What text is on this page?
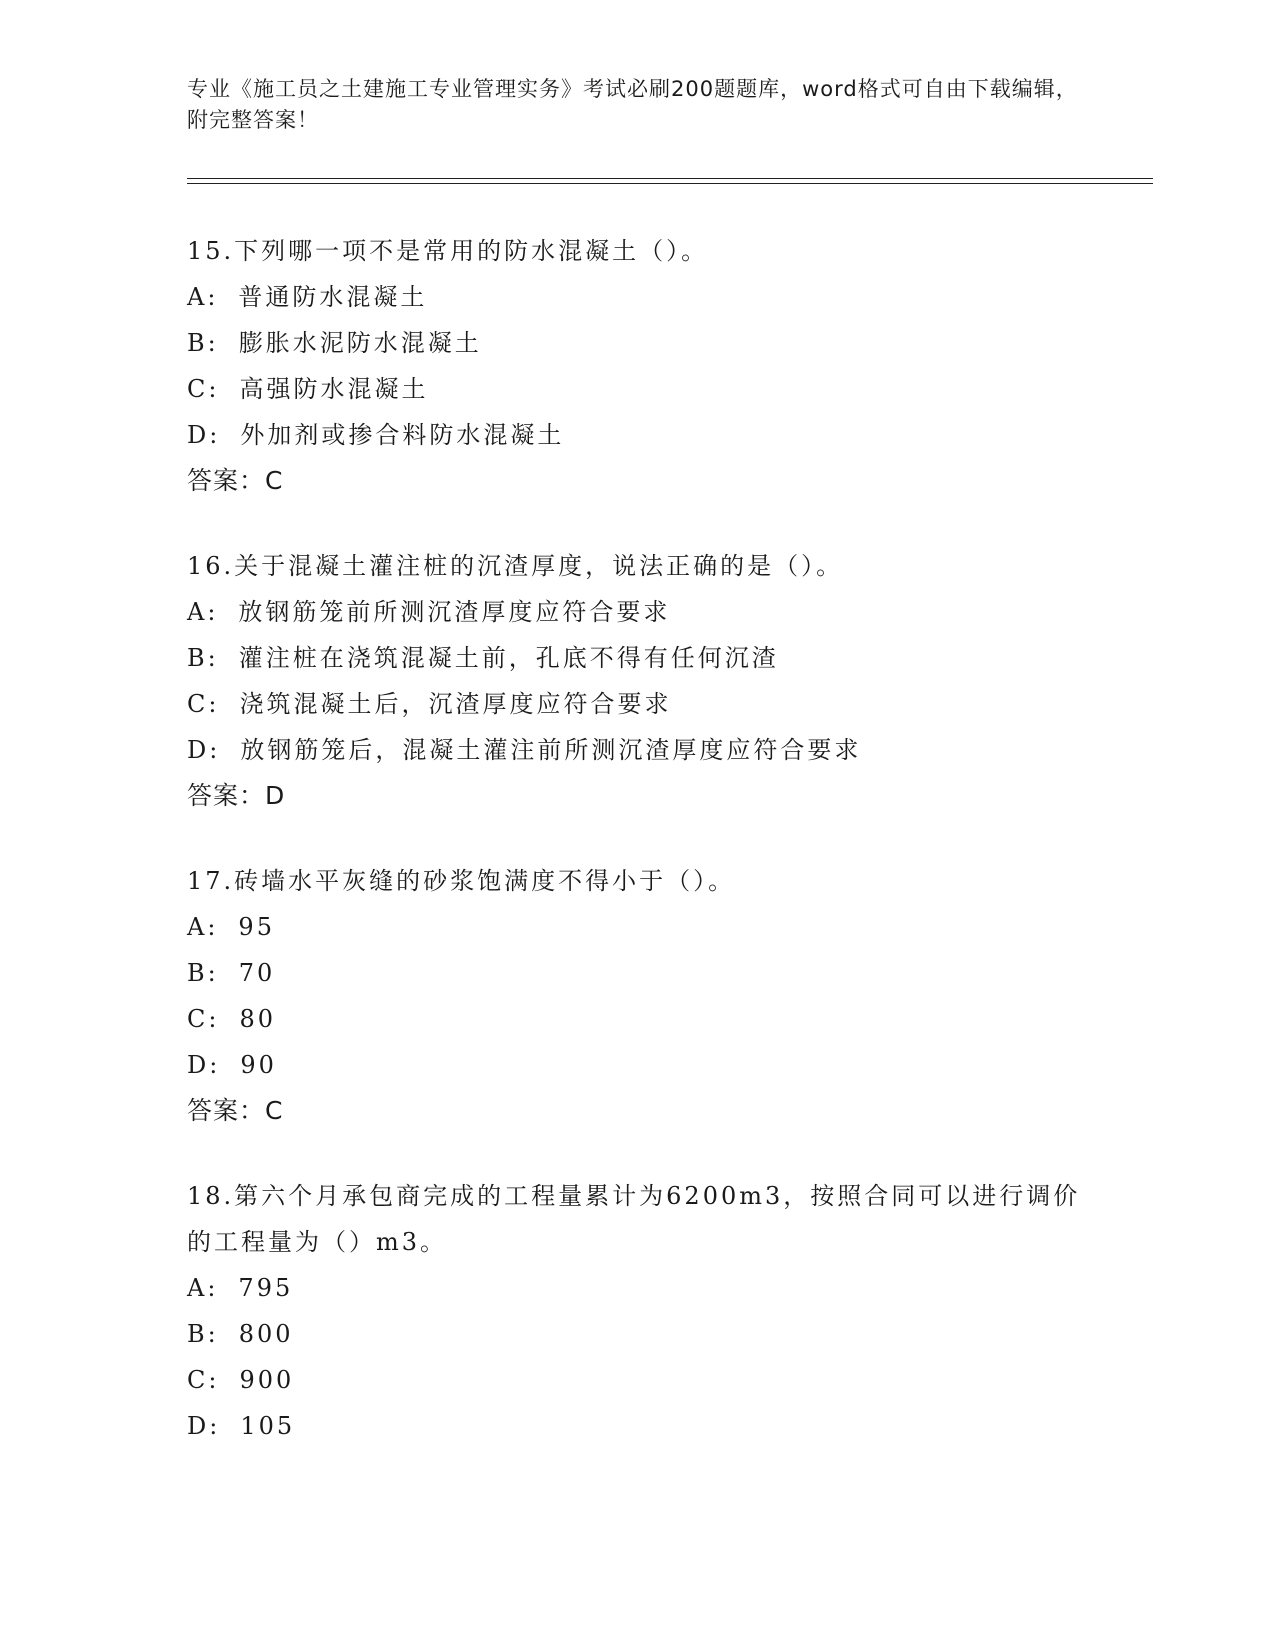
专业《施工员之土建施工专业管理实务》考试必刷200题题库，word格式可自由下载编辑，附完整答案！
15.下列哪一项不是常用的防水混凝土（）。
A: 普通防水混凝土
B: 膨胀水泥防水混凝土
C: 高强防水混凝土
D: 外加剂或掺合料防水混凝土
答案：C
16.关于混凝土灌注桩的沉渣厚度，说法正确的是（）。
A: 放钢筋笼前所测沉渣厚度应符合要求
B: 灌注桩在浇筑混凝土前，孔底不得有任何沉渣
C: 浇筑混凝土后，沉渣厚度应符合要求
D: 放钢筋笼后，混凝土灌注前所测沉渣厚度应符合要求
答案：D
17.砖墙水平灰缝的砂浆饱满度不得小于（）。
A: 95
B: 70
C: 80
D: 90
答案：C
18.第六个月承包商完成的工程量累计为6200m3，按照合同可以进行调价的工程量为（）m3。
A: 795
B: 800
C: 900
D: 105
